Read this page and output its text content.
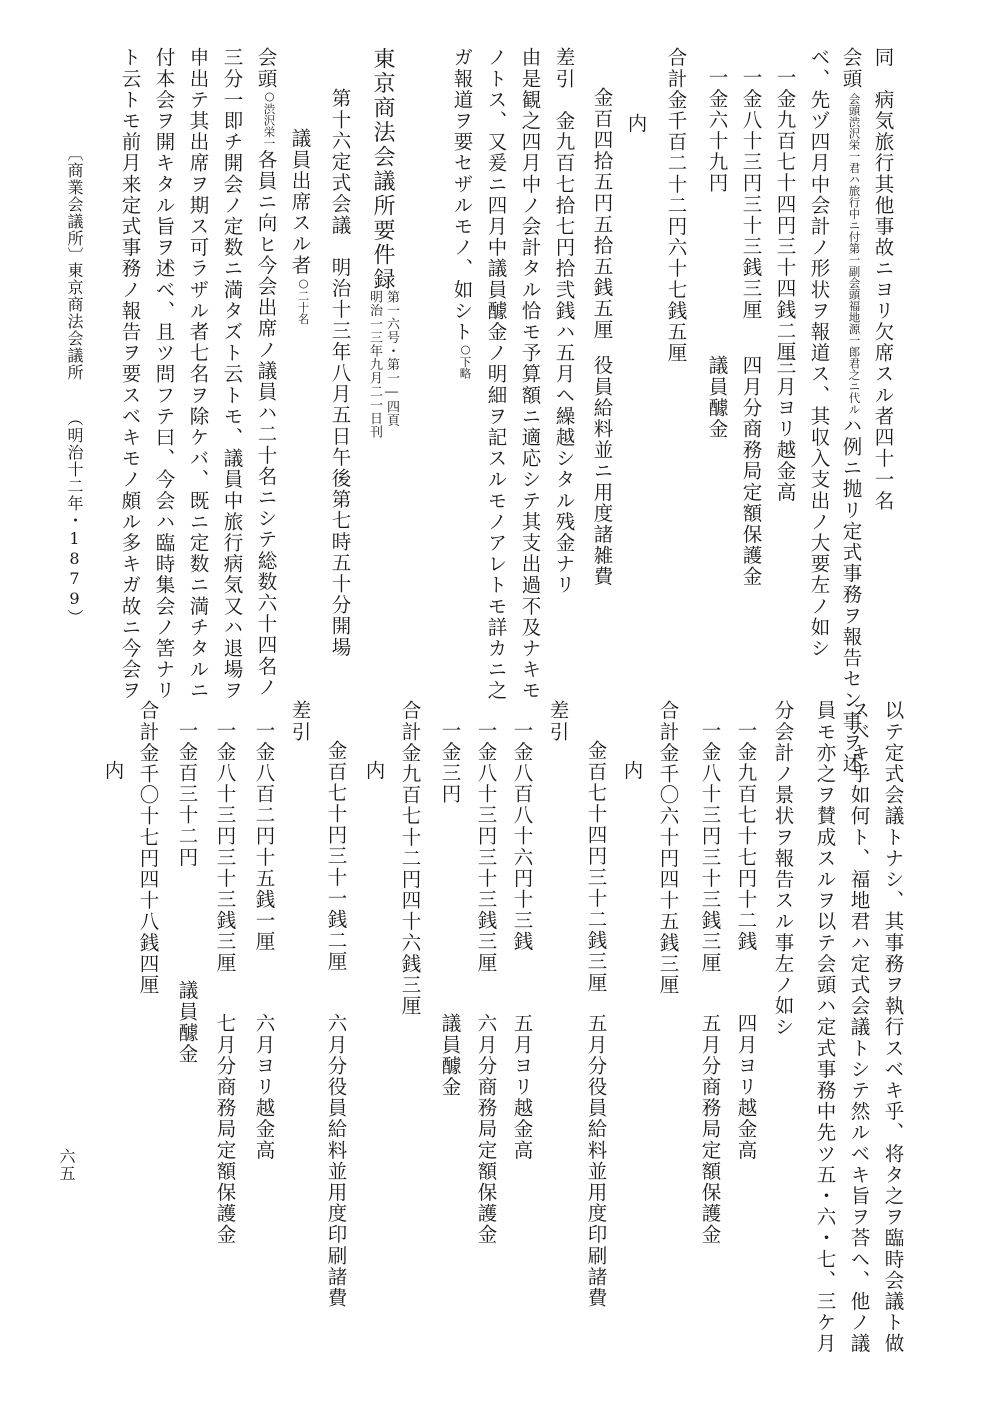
同　病気旅行其他事故ニヨリ欠席スル者四十一名
会頭会頭渋沢栄一君ハ旅行中ニ付第一副会頭福地源一郎君之ニ代ルハ例ニ抛リ定式事務ヲ報告セン事ヲ述
ベ、先ヅ四月中会計ノ形状ヲ報道ス、其収入支出ノ大要左ノ如シ
一金九百七十四円三十四銭二厘
三月ヨリ越金高
一金八十三円三十三銭三厘
四月分商務局定額保護金
一金六十九円
議員醵金
合計金千百二十二円六十七銭五厘
内
金百四拾五円五拾五銭五厘
役員給料並ニ用度諸雑費
差引　金九百七拾七円拾弐銭ハ五月ヘ繰越シタル残金ナリ
由是観之四月中ノ会計タル恰モ予算額ニ適応シテ其支出過不及ナキモ
ノトス、又爰ニ四月中議員醵金ノ明細ヲ記スルモノアレトモ詳カニ之
ガ報道ヲ要セザルモノ、如シト○下略
東京商法会議所要件録
第一六号・第一―四頁
明治一三年九月二一日刊
第十六定式会議　明治十三年八月五日午後第七時五十分開場
議員出席スル者○二十名
会頭○渋沢栄一各員ニ向ヒ今会出席ノ議員ハ二十名ニシテ総数六十四名ノ
三分一即チ開会ノ定数ニ満タズト云トモ、議員中旅行病気又ハ退場ヲ
申出テ其出席ヲ期ス可ラザル者七名ヲ除ケバ、既ニ定数ニ満チタルニ
付本会ヲ開キタル旨ヲ述ベ、且ツ問フテ曰、今会ハ臨時集会ノ筈ナリ
ト云トモ前月来定式事務ノ報告ヲ要スベキモノ頗ル多キガ故ニ今会ヲ
〔商業会議所〕
東京商法会議所
（明治十二年・1879）
以テ定式会議トナシ、其事務ヲ執行スベキ乎、将タ之ヲ臨時会議ト做
スベキ乎如何ト、福地君ハ定式会議トシテ然ルベキ旨ヲ荅ヘ、他ノ議
員モ亦之ヲ賛成スルヲ以テ会頭ハ定式事務中先ツ五・六・七、三ケ月
分会計ノ景状ヲ報告スル事左ノ如シ
一金九百七十七円十二銭
四月ヨリ越金高
一金八十三円三十三銭三厘
五月分商務局定額保護金
合計金千〇六十円四十五銭三厘
内
金百七十四円三十二銭三厘
五月分役員給料並用度印刷諸費
差引
一金八百八十六円十三銭
五月ヨリ越金高
一金八十三円三十三銭三厘
六月分商務局定額保護金
一金三円
議員醵金
合計金九百七十二円四十六銭三厘
内
金百七十円三十一銭二厘
六月分役員給料並用度印刷諸費
差引
一金八百二円十五銭一厘
六月ヨリ越金高
一金八十三円三十三銭三厘
七月分商務局定額保護金
一金百三十二円
議員醵金
合計金千〇十七円四十八銭四厘
内
六五
